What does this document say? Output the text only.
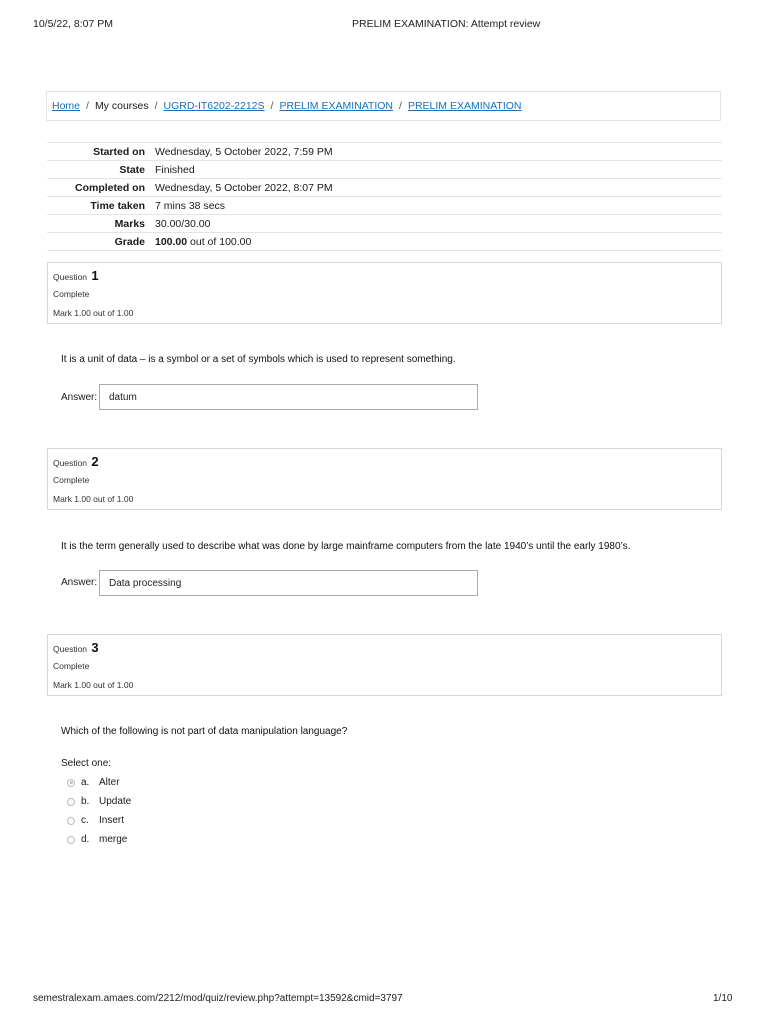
10/5/22, 8:07 PM	PRELIM EXAMINATION: Attempt review
Home / My courses / UGRD-IT6202-2212S / PRELIM EXAMINATION / PRELIM EXAMINATION
Started on	Wednesday, 5 October 2022, 7:59 PM
State	Finished
Completed on	Wednesday, 5 October 2022, 8:07 PM
Time taken	7 mins 38 secs
Marks	30.00/30.00
Grade	100.00 out of 100.00
Question 1
Complete
Mark 1.00 out of 1.00
It is a unit of data – is a symbol or a set of symbols which is used to represent something.
Answer:	datum
Question 2
Complete
Mark 1.00 out of 1.00
It is the term generally used to describe what was done by large mainframe computers from the late 1940’s until the early 1980’s.
Answer:	Data processing
Question 3
Complete
Mark 1.00 out of 1.00
Which of the following is not part of data manipulation language?
Select one:
a. Alter
b. Update
c.	Insert
d. merge
semestralexam.amaes.com/2212/mod/quiz/review.php?attempt=13592&cmid=3797	1/10
